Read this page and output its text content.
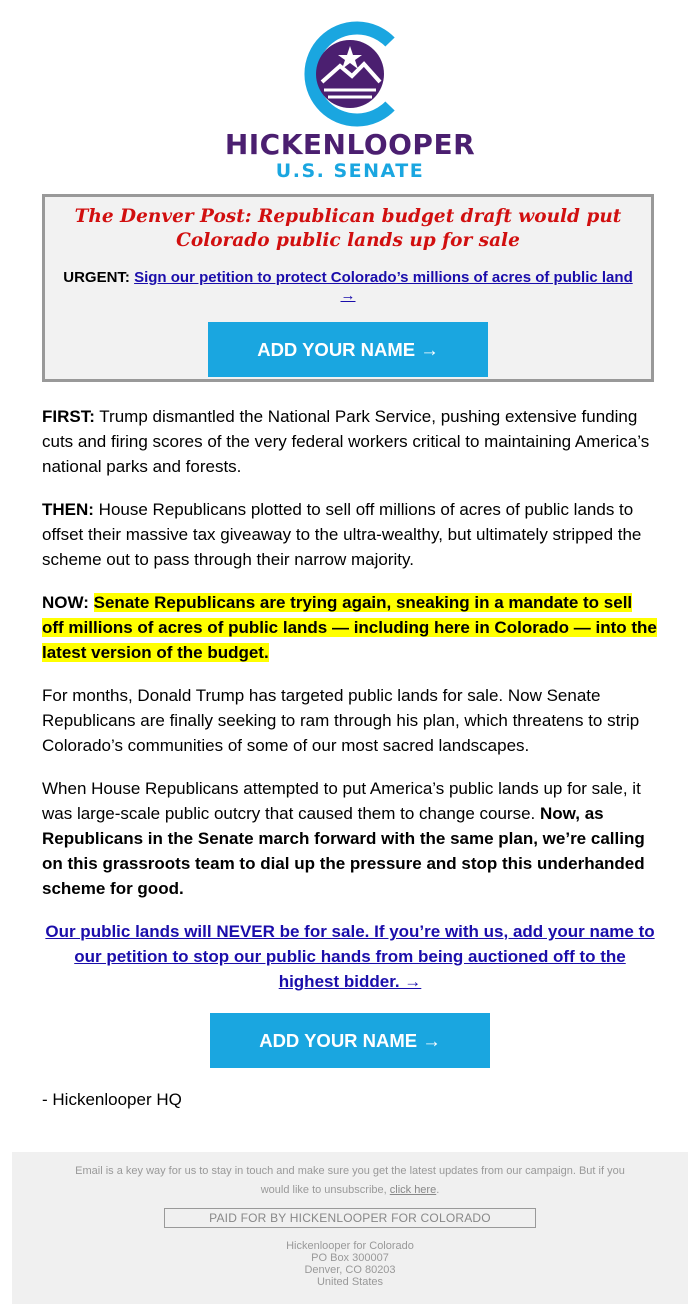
HICKENLOOPER
U.S. SENATE
The Denver Post: Republican budget draft would put Colorado public lands up for sale
URGENT: Sign our petition to protect Colorado’s millions of acres of public land →
ADD YOUR NAME →

FIRST: Trump dismantled the National Park Service, pushing extensive funding cuts and firing scores of the very federal workers critical to maintaining America’s national parks and forests.

THEN: House Republicans plotted to sell off millions of acres of public lands to offset their massive tax giveaway to the ultra-wealthy, but ultimately stripped the scheme out to pass through their narrow majority.

NOW: Senate Republicans are trying again, sneaking in a mandate to sell off millions of acres of public lands — including here in Colorado — into the latest version of the budget.

For months, Donald Trump has targeted public lands for sale. Now Senate Republicans are finally seeking to ram through his plan, which threatens to strip Colorado’s communities of some of our most sacred landscapes.

When House Republicans attempted to put America’s public lands up for sale, it was large-scale public outcry that caused them to change course. Now, as Republicans in the Senate march forward with the same plan, we’re calling on this grassroots team to dial up the pressure and stop this underhanded scheme for good.

Our public lands will NEVER be for sale. If you’re with us, add your name to our petition to stop our public hands from being auctioned off to the highest bidder. →

ADD YOUR NAME →
- Hickenlooper HQ
Email is a key way for us to stay in touch and make sure you get the latest updates from our campaign. But if you would like to unsubscribe, click here.
PAID FOR BY HICKENLOOPER FOR COLORADO
Hickenlooper for Colorado
PO Box 300007
Denver, CO 80203
United States
